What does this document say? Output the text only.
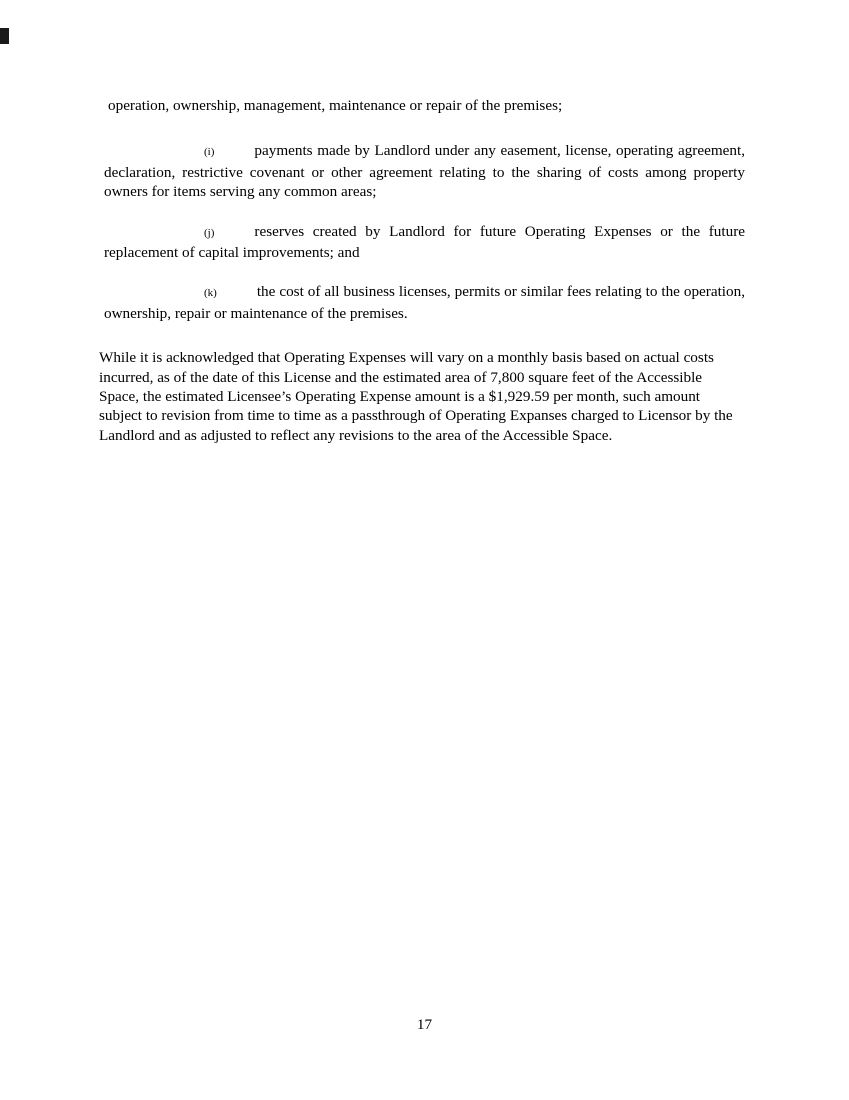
operation, ownership, management, maintenance or repair of the premises;

(i)	payments made by Landlord under any easement, license, operating agreement, declaration, restrictive covenant or other agreement relating to the sharing of costs among property owners for items serving any common areas;

(j)	reserves created by Landlord for future Operating Expenses or the future replacement of capital improvements; and

(k)	the cost of all business licenses, permits or similar fees relating to the operation, ownership, repair or maintenance of the premises.

While it is acknowledged that Operating Expenses will vary on a monthly basis based on actual costs incurred, as of the date of this License and the estimated area of 7,800 square feet of the Accessible Space, the estimated Licensee’s Operating Expense amount is a $1,929.59 per month, such amount subject to revision from time to time as a passthrough of Operating Expanses charged to Licensor by the Landlord and as adjusted to reflect any revisions to the area of the Accessible Space.

17
